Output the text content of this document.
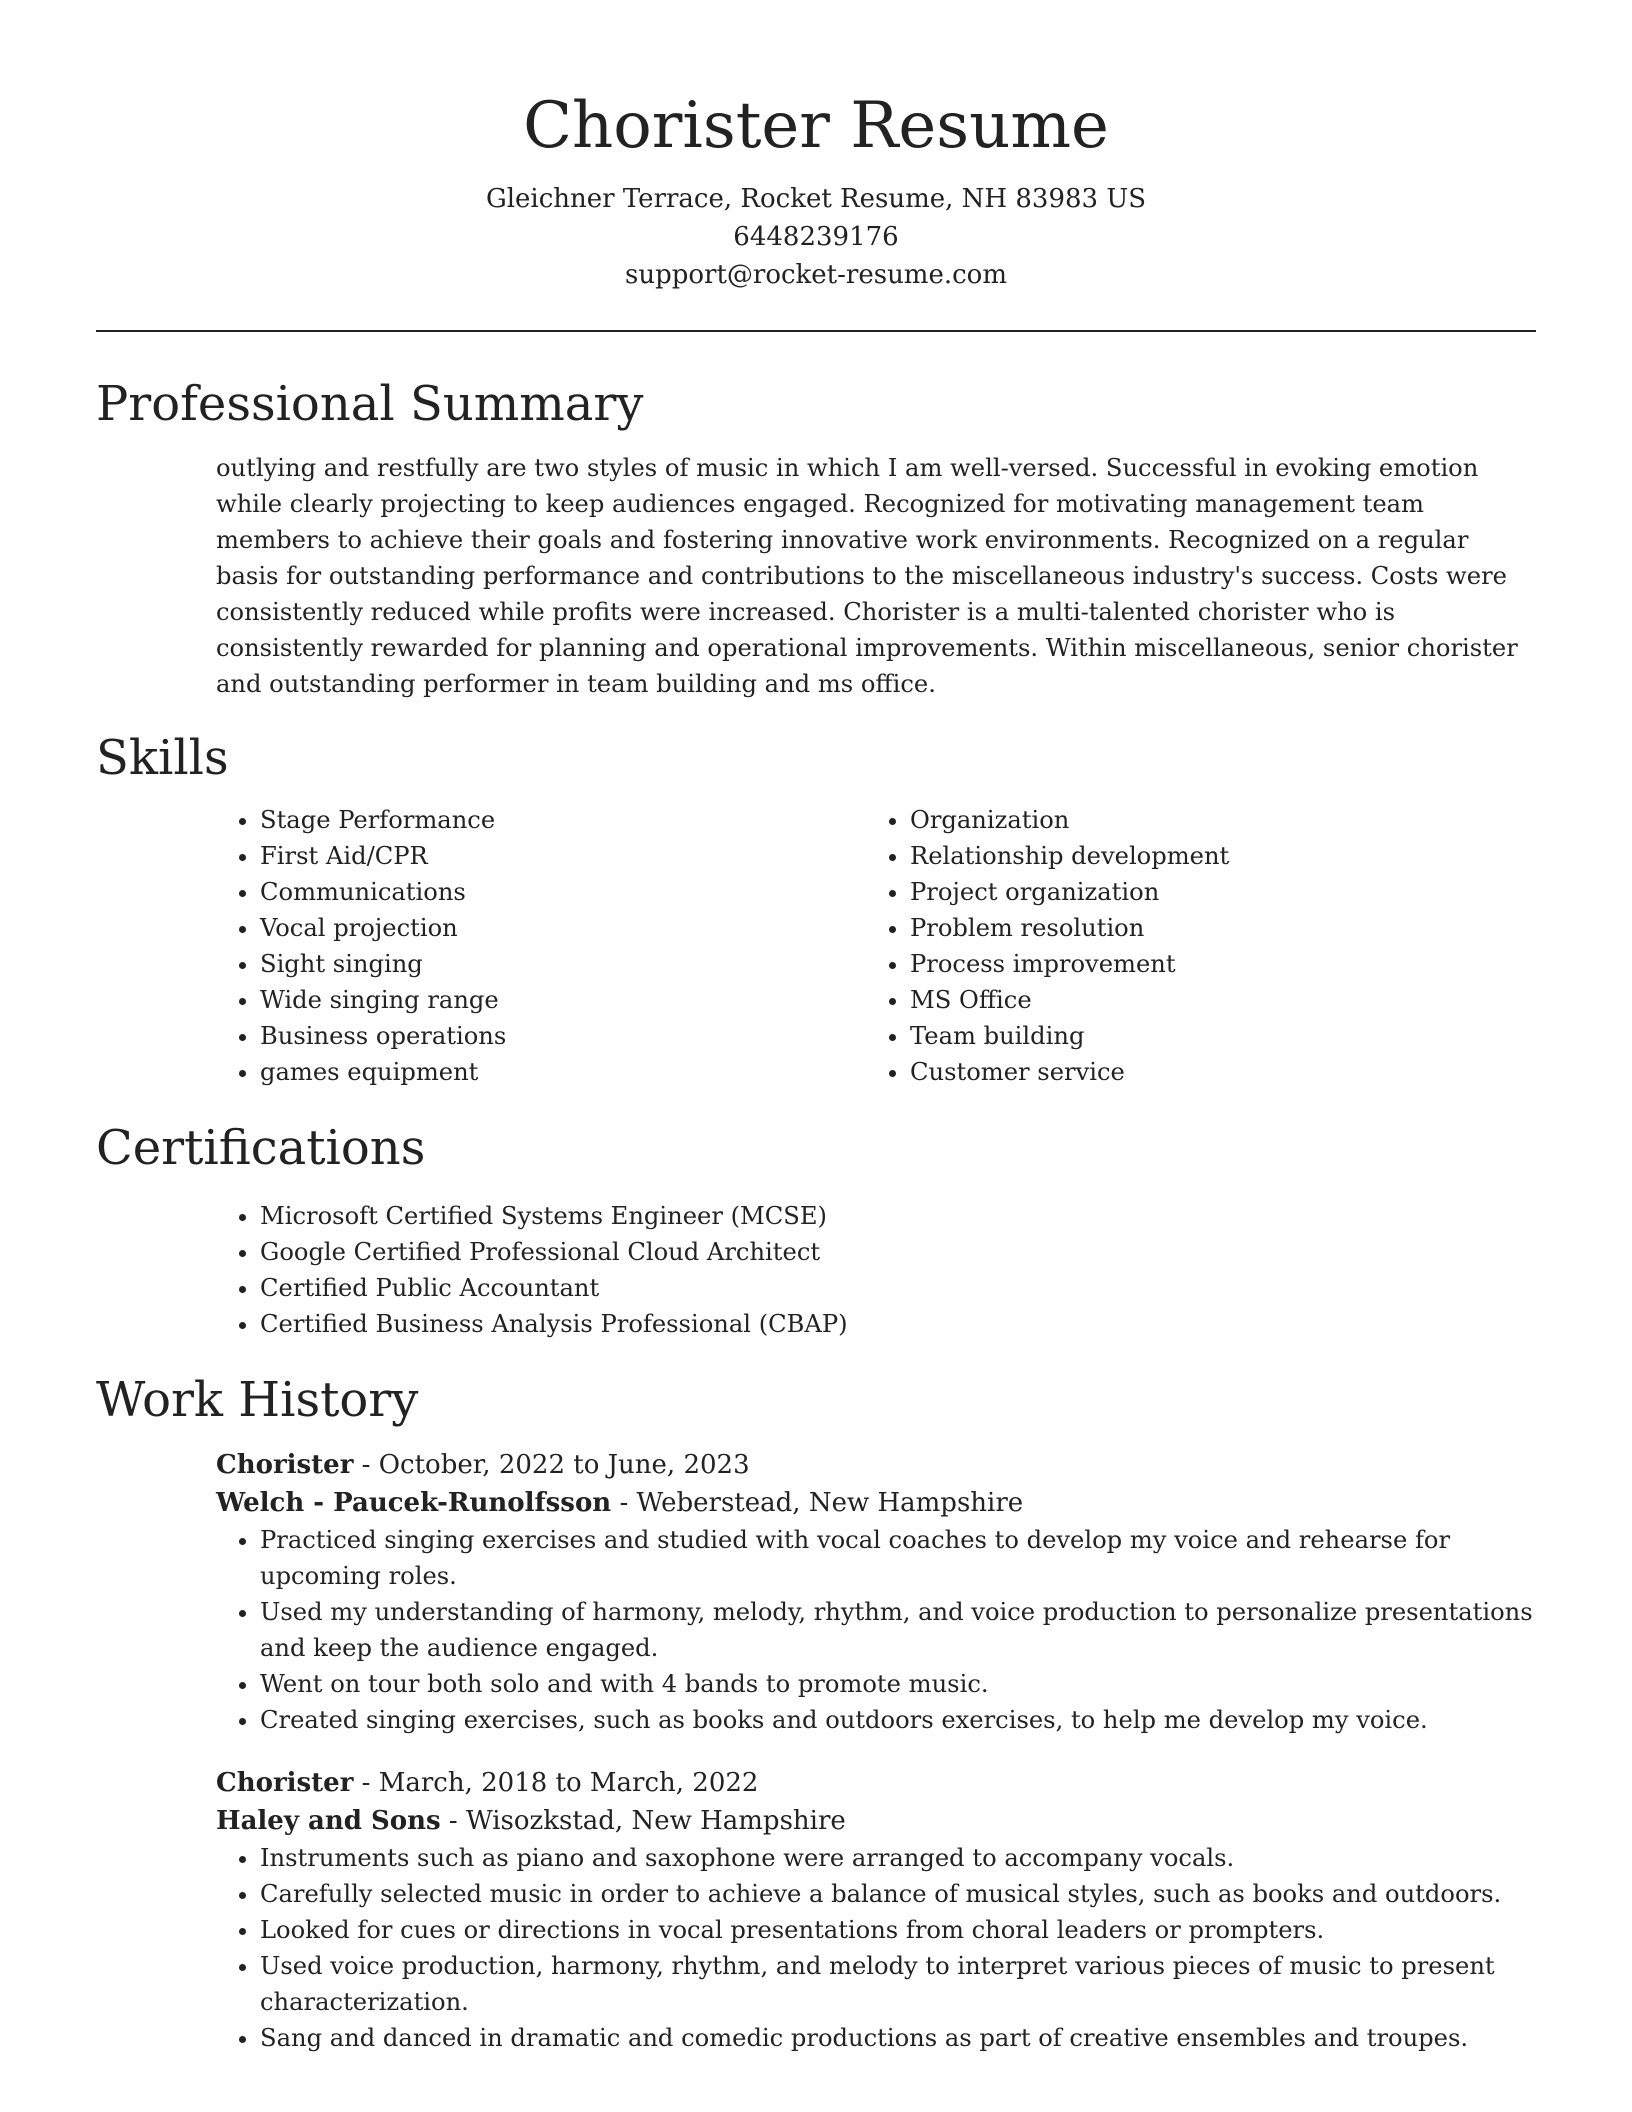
Chorister Resume
Gleichner Terrace, Rocket Resume, NH 83983 US
6448239176
support@rocket-resume.com
Professional Summary

outlying and restfully are two styles of music in which I am well-versed. Successful in evoking emotion while clearly projecting to keep audiences engaged. Recognized for motivating management team members to achieve their goals and fostering innovative work environments. Recognized on a regular basis for outstanding performance and contributions to the miscellaneous industry's success. Costs were consistently reduced while profits were increased. Chorister is a multi-talented chorister who is consistently rewarded for planning and operational improvements. Within miscellaneous, senior chorister and outstanding performer in team building and ms office.

Skills
• Stage Performance
• First Aid/CPR
• Communications
• Vocal projection
• Sight singing
• Wide singing range
• Business operations
• games equipment
• Organization
• Relationship development
• Project organization
• Problem resolution
• Process improvement
• MS Office
• Team building
• Customer service
Certifications
• Microsoft Certified Systems Engineer (MCSE)
• Google Certified Professional Cloud Architect
• Certified Public Accountant
• Certified Business Analysis Professional (CBAP)
Work History
Chorister - October, 2022 to June, 2023
Welch - Paucek-Runolfsson - Weberstead, New Hampshire
• Practiced singing exercises and studied with vocal coaches to develop my voice and rehearse for upcoming roles.
• Used my understanding of harmony, melody, rhythm, and voice production to personalize presentations and keep the audience engaged.
• Went on tour both solo and with 4 bands to promote music.
• Created singing exercises, such as books and outdoors exercises, to help me develop my voice.
Chorister - March, 2018 to March, 2022
Haley and Sons - Wisozkstad, New Hampshire
• Instruments such as piano and saxophone were arranged to accompany vocals.
• Carefully selected music in order to achieve a balance of musical styles, such as books and outdoors.
• Looked for cues or directions in vocal presentations from choral leaders or prompters.
• Used voice production, harmony, rhythm, and melody to interpret various pieces of music to present characterization.
• Sang and danced in dramatic and comedic productions as part of creative ensembles and troupes.
